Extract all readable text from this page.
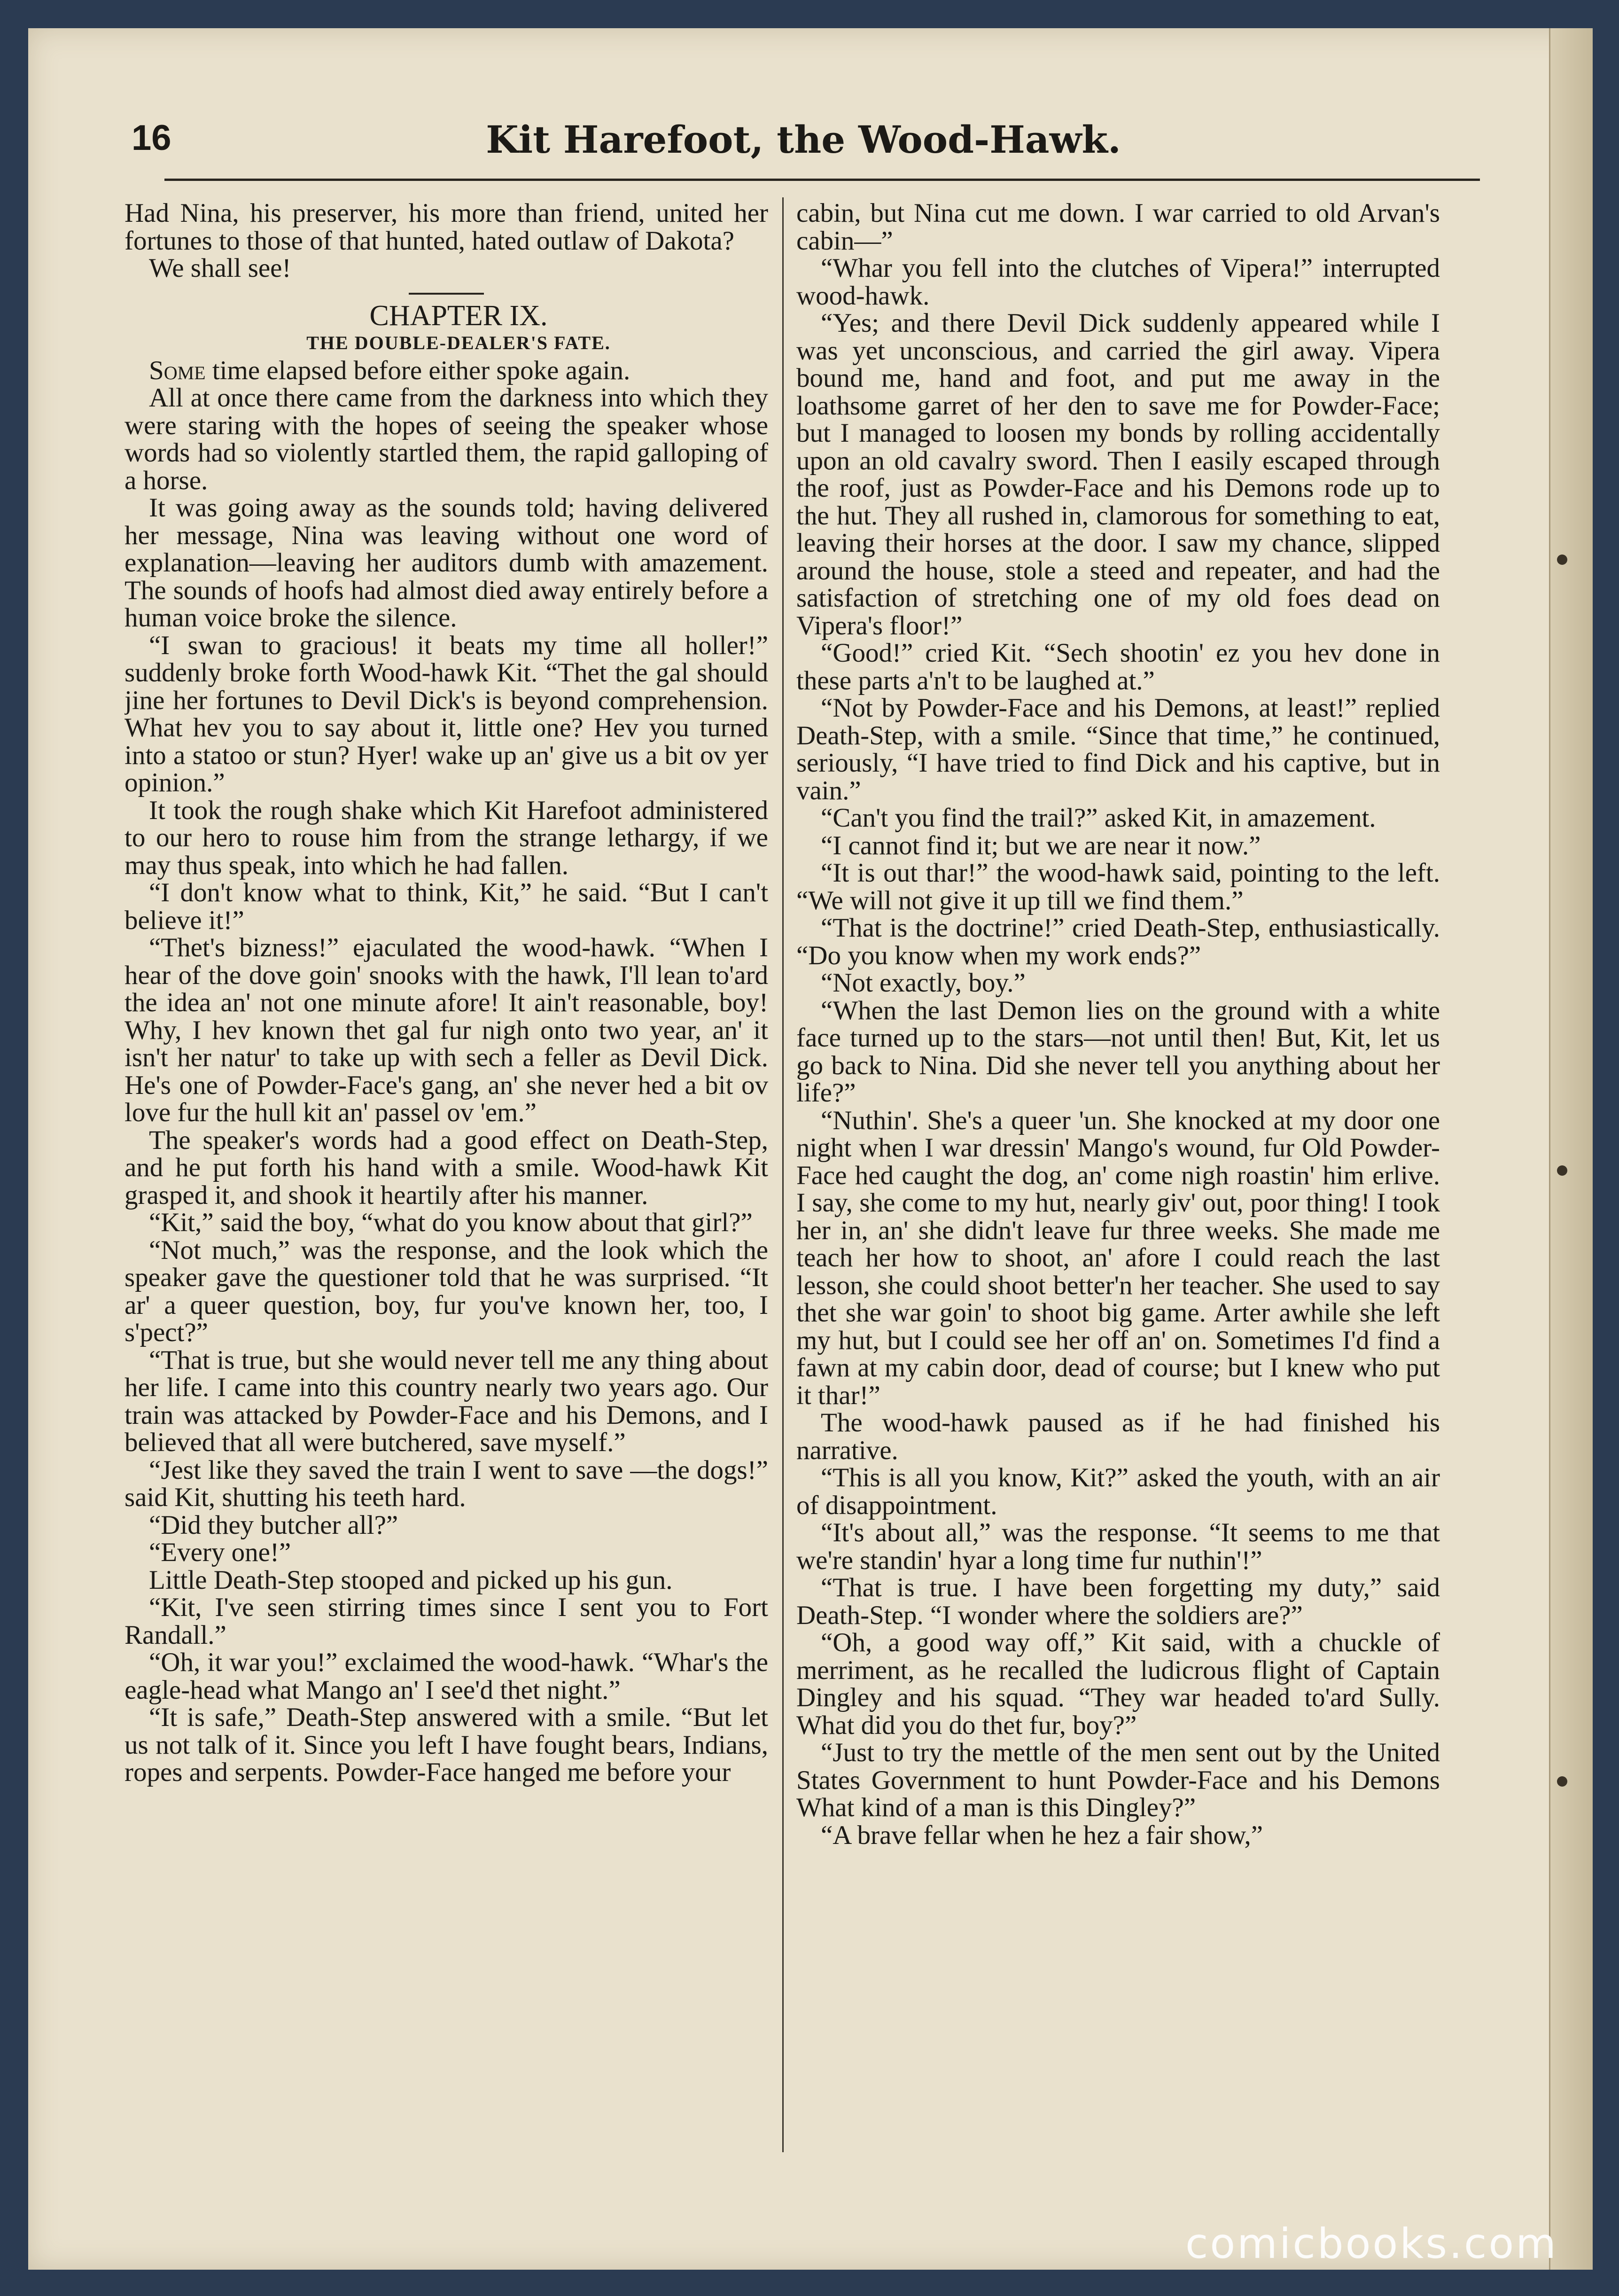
16	Kit Harefoot, the Wood-Hawk.

Had Nina, his preserver, his more than friend, united her fortunes to those of that hunted, hated outlaw of Dakota?

We shall see!

CHAPTER IX.

THE DOUBLE-DEALER'S FATE.

Some time elapsed before either spoke again.

All at once there came from the darkness into which they were staring with the hopes of seeing the speaker whose words had so violently startled them, the rapid galloping of a horse.

It was going away as the sounds told; having delivered her message, Nina was leaving without one word of explanation—leaving her auditors dumb with amazement. The sounds of hoofs had almost died away entirely before a human voice broke the silence.

“I swan to gracious! it beats my time all holler!” suddenly broke forth Wood-hawk Kit. “Thet the gal should jine her fortunes to Devil Dick's is beyond comprehension. What hev you to say about it, little one? Hev you turned into a statoo or stun? Hyer! wake up an' give us a bit ov yer opinion.”

It took the rough shake which Kit Harefoot administered to our hero to rouse him from the strange lethargy, if we may thus speak, into which he had fallen.

“I don't know what to think, Kit,” he said. “But I can't believe it!”

“Thet's bizness!” ejaculated the wood-hawk. “When I hear of the dove goin' snooks with the hawk, I'll lean to'ard the idea an' not one minute afore! It ain't reasonable, boy! Why, I hev known thet gal fur nigh onto two year, an' it isn't her natur' to take up with sech a feller as Devil Dick. He's one of Powder-Face's gang, an' she never hed a bit ov love fur the hull kit an' passel ov 'em.”

The speaker's words had a good effect on Death-Step, and he put forth his hand with a smile. Wood-hawk Kit grasped it, and shook it heartily after his manner.

“Kit,” said the boy, “what do you know about that girl?”

“Not much,” was the response, and the look which the speaker gave the questioner told that he was surprised. “It ar' a queer question, boy, fur you've known her, too, I s'pect?”

“That is true, but she would never tell me any thing about her life. I came into this country nearly two years ago. Our train was attacked by Powder-Face and his Demons, and I believed that all were butchered, save myself.”

“Jest like they saved the train I went to save —the dogs!” said Kit, shutting his teeth hard.

“Did they butcher all?”

“Every one!”

Little Death-Step stooped and picked up his gun.

“Kit, I've seen stirring times since I sent you to Fort Randall.”

“Oh, it war you!” exclaimed the wood-hawk. “Whar's the eagle-head what Mango an' I see'd thet night.”

“It is safe,” Death-Step answered with a smile. “But let us not talk of it. Since you left I have fought bears, Indians, ropes and serpents. Powder-Face hanged me before your

cabin, but Nina cut me down. I war carried to old Arvan's cabin—”

“Whar you fell into the clutches of Vipera!” interrupted wood-hawk.

“Yes; and there Devil Dick suddenly appeared while I was yet unconscious, and carried the girl away. Vipera bound me, hand and foot, and put me away in the loathsome garret of her den to save me for Powder-Face; but I managed to loosen my bonds by rolling accidentally upon an old cavalry sword. Then I easily escaped through the roof, just as Powder-Face and his Demons rode up to the hut. They all rushed in, clamorous for something to eat, leaving their horses at the door. I saw my chance, slipped around the house, stole a steed and repeater, and had the satisfaction of stretching one of my old foes dead on Vipera's floor!”

“Good!” cried Kit. “Sech shootin' ez you hev done in these parts a'n't to be laughed at.”

“Not by Powder-Face and his Demons, at least!” replied Death-Step, with a smile. “Since that time,” he continued, seriously, “I have tried to find Dick and his captive, but in vain.”

“Can't you find the trail?” asked Kit, in amazement.

“I cannot find it; but we are near it now.”

“It is out thar!” the wood-hawk said, pointing to the left. “We will not give it up till we find them.”

“That is the doctrine!” cried Death-Step, enthusiastically. “Do you know when my work ends?”

“Not exactly, boy.”

“When the last Demon lies on the ground with a white face turned up to the stars—not until then! But, Kit, let us go back to Nina. Did she never tell you anything about her life?”

“Nuthin'. She's a queer 'un. She knocked at my door one night when I war dressin' Mango's wound, fur Old Powder-Face hed caught the dog, an' come nigh roastin' him erlive. I say, she come to my hut, nearly giv' out, poor thing! I took her in, an' she didn't leave fur three weeks. She made me teach her how to shoot, an' afore I could reach the last lesson, she could shoot better'n her teacher. She used to say thet she war goin' to shoot big game. Arter awhile she left my hut, but I could see her off an' on. Sometimes I'd find a fawn at my cabin door, dead of course; but I knew who put it thar!”

The wood-hawk paused as if he had finished his narrative.

“This is all you know, Kit?” asked the youth, with an air of disappointment.

“It's about all,” was the response. “It seems to me that we're standin' hyar a long time fur nuthin'!”

“That is true. I have been forgetting my duty,” said Death-Step. “I wonder where the soldiers are?”

“Oh, a good way off,” Kit said, with a chuckle of merriment, as he recalled the ludicrous flight of Captain Dingley and his squad. “They war headed to'ard Sully. What did you do thet fur, boy?”

“Just to try the mettle of the men sent out by the United States Government to hunt Powder-Face and his Demons What kind of a man is this Dingley?”

“A brave fellar when he hez a fair show,”

comicbooks.com
